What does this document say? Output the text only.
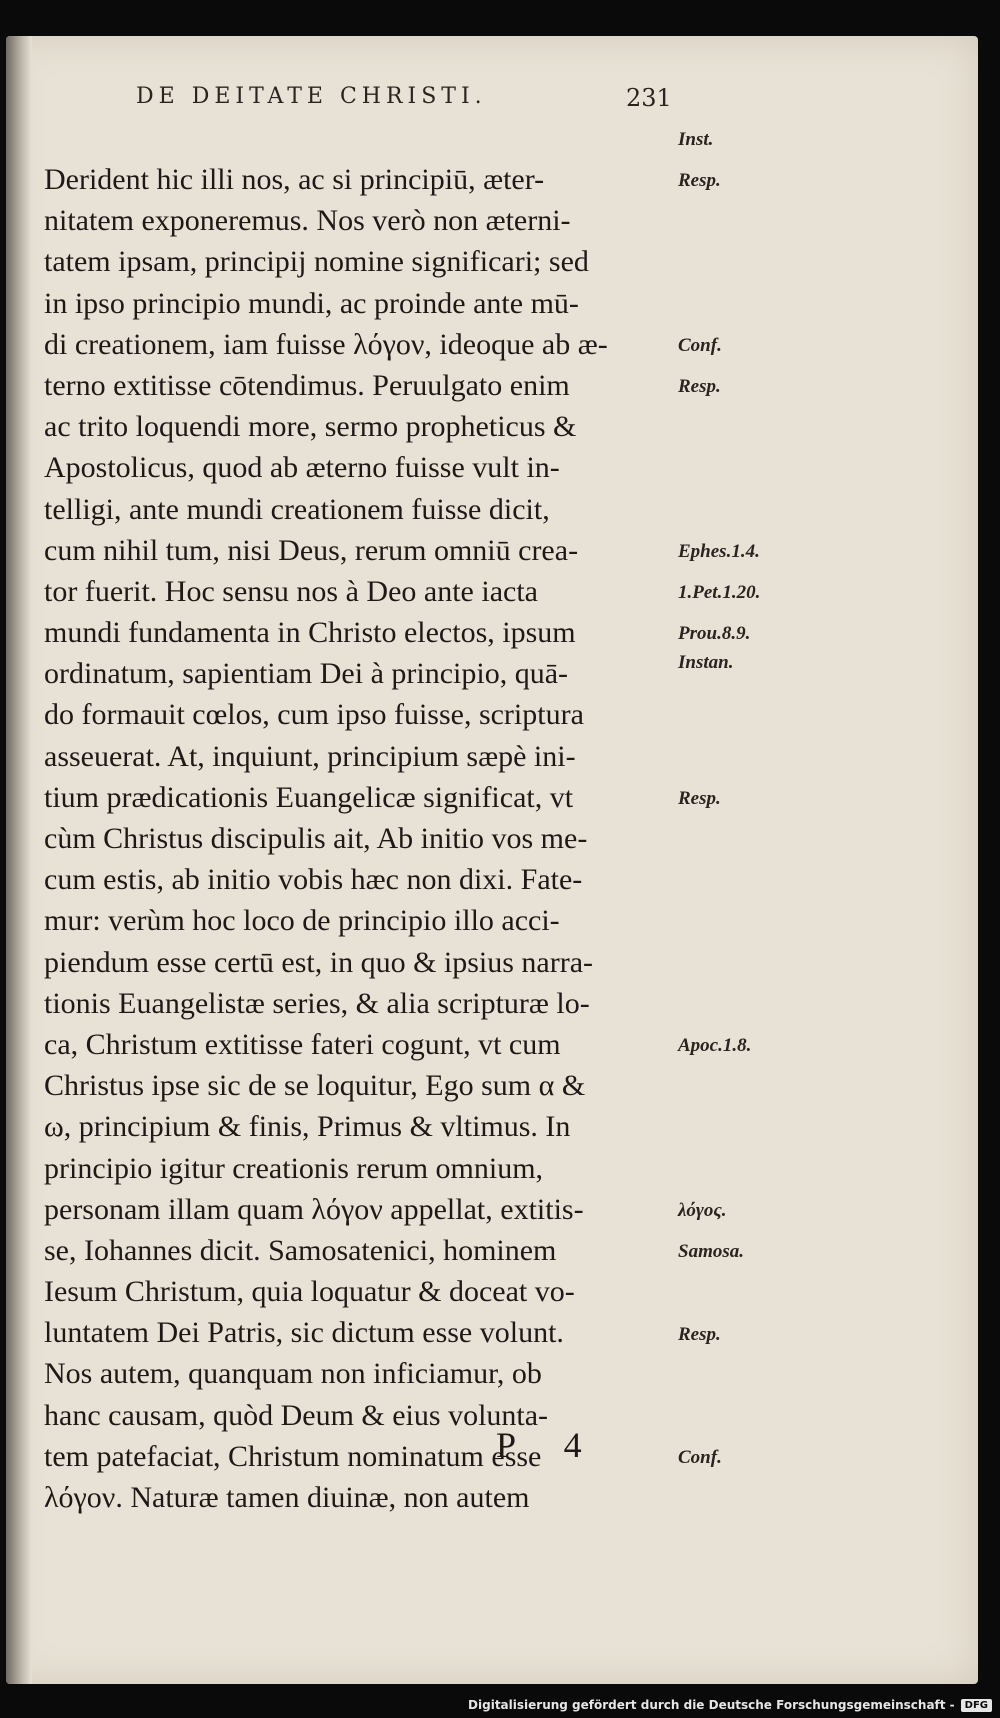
DE DEITATE CHRISTI.	231
Derident hic illi nos, ac si principiū, æter-
nitatem exponeremus. Nos verò non æterni-
tatem ipsam, principij nomine significari; sed
in ipso principio mundi, ac proinde ante mū-
di creationem, iam fuisse λόγον, ideoque ab æ-
terno extitisse cōtendimus. Peruulgato enim
ac trito loquendi more, sermo propheticus &
Apostolicus, quod ab æterno fuisse vult in-
telligi, ante mundi creationem fuisse dicit,
cum nihil tum, nisi Deus, rerum omniū crea-
tor fuerit. Hoc sensu nos à Deo ante iacta
mundi fundamenta in Christo electos, ipsum
ordinatum, sapientiam Dei à principio, quā-
do formauit cœlos, cum ipso fuisse, scriptura
asseuerat. At, inquiunt, principium sæpè ini-
tium prædicationis Euangelicæ significat, vt
cùm Christus discipulis ait, Ab initio vos me-
cum estis, ab initio vobis hæc non dixi. Fate-
mur: verùm hoc loco de principio illo acci-
piendum esse certū est, in quo & ipsius narra-
tionis Euangelistæ series, & alia scripturæ lo-
ca, Christum extitisse fateri cogunt, vt cum
Christus ipse sic de se loquitur, Ego sum α &
ω, principium & finis, Primus & vltimus. In
principio igitur creationis rerum omnium,
personam illam quam λόγον appellat, extitis-
se, Iohannes dicit. Samosatenici, hominem
Iesum Christum, quia loquatur & doceat vo-
luntatem Dei Patris, sic dictum esse volunt.
Nos autem, quanquam non inficiamur, ob
hanc causam, quòd Deum & eius volunta-
tem patefaciat, Christum nominatum esse
λόγον. Naturæ tamen diuinæ, non autem
Inst.
Resp.
Conf.
Resp.
Ephes.1.4.
1.Pet.1.20.
Prou.8.9.
Instan.
Resp.
Apoc.1.8.
λόγος.
Samosa.
Resp.
Conf.
P 4
Digitalisierung gefördert durch die Deutsche Forschungsgemeinschaft -	DFG
